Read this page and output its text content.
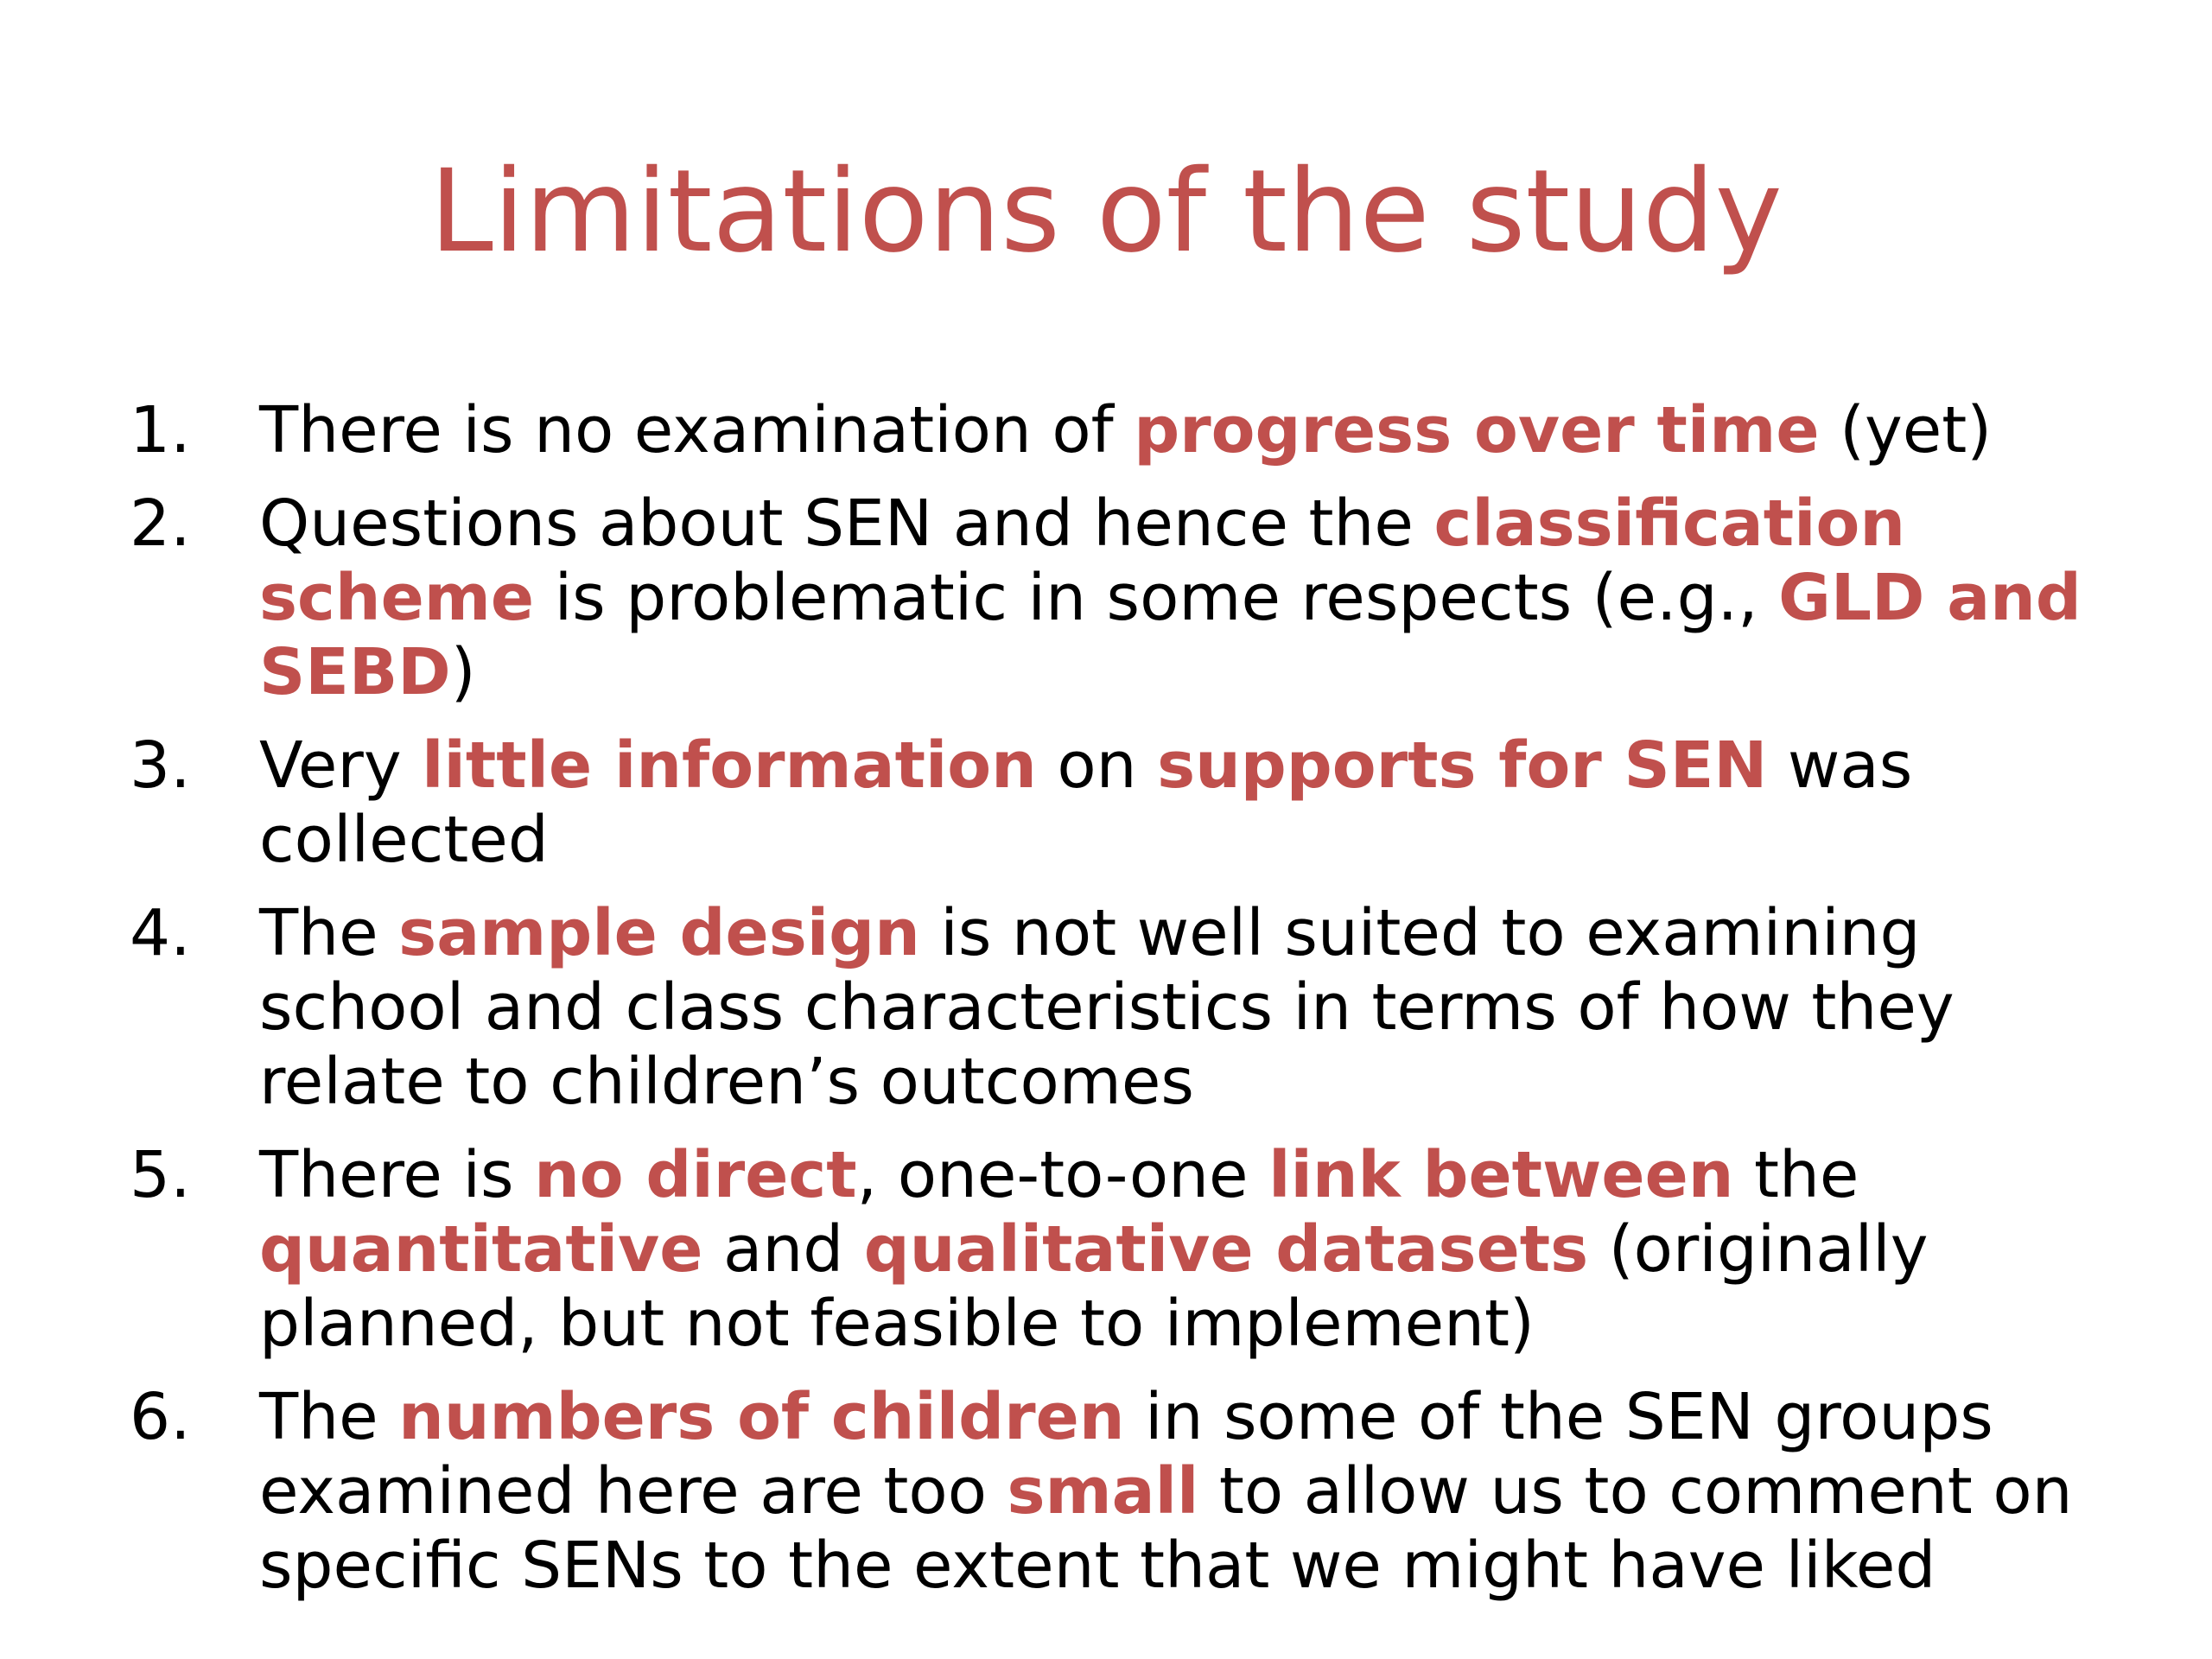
Limitations of the study
1. There is no examination of progress over time (yet)
2. Questions about SEN and hence the classification scheme is problematic in some respects (e.g., GLD and SEBD)
3. Very little information on supports for SEN was collected
4. The sample design is not well suited to examining school and class characteristics in terms of how they relate to children’s outcomes
5. There is no direct, one-to-one link between the quantitative and qualitative datasets (originally planned, but not feasible to implement)
6. The numbers of children in some of the SEN groups examined here are too small to allow us to comment on specific SENs to the extent that we might have liked
